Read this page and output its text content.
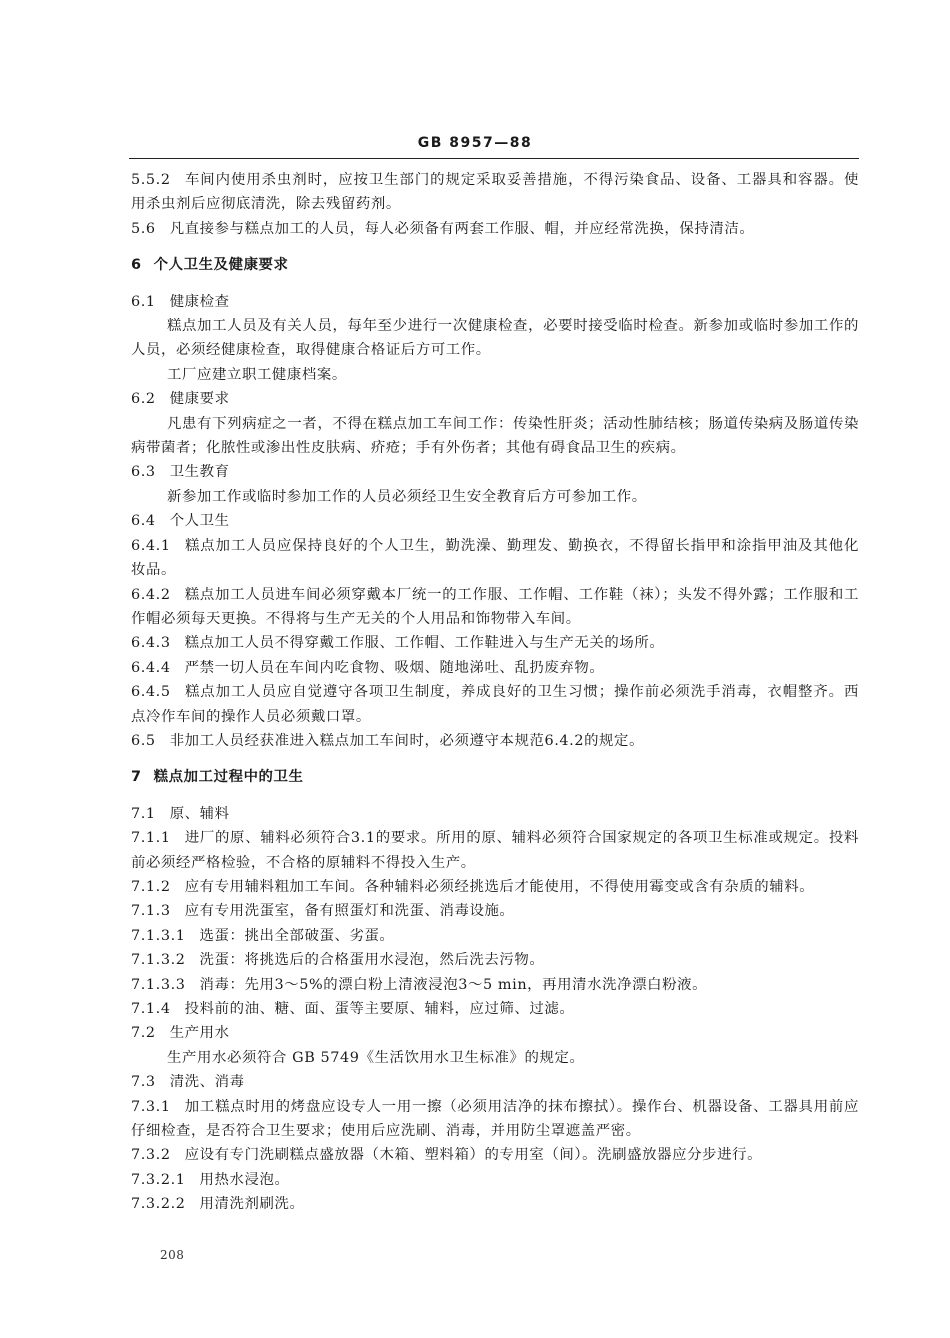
GB 8957—88

5.5.2 车间内使用杀虫剂时，应按卫生部门的规定采取妥善措施，不得污染食品、设备、工器具和容器。使用杀虫剂后应彻底清洗，除去残留药剂。

5.6 凡直接参与糕点加工的人员，每人必须备有两套工作服、帽，并应经常洗换，保持清洁。

6 个人卫生及健康要求

6.1 健康检查

糕点加工人员及有关人员，每年至少进行一次健康检查，必要时接受临时检查。新参加或临时参加工作的人员，必须经健康检查，取得健康合格证后方可工作。

工厂应建立职工健康档案。

6.2 健康要求

凡患有下列病症之一者，不得在糕点加工车间工作：传染性肝炎；活动性肺结核；肠道传染病及肠道传染病带菌者；化脓性或渗出性皮肤病、疥疮；手有外伤者；其他有碍食品卫生的疾病。

6.3 卫生教育

新参加工作或临时参加工作的人员必须经卫生安全教育后方可参加工作。

6.4 个人卫生

6.4.1 糕点加工人员应保持良好的个人卫生，勤洗澡、勤理发、勤换衣，不得留长指甲和涂指甲油及其他化妆品。

6.4.2 糕点加工人员进车间必须穿戴本厂统一的工作服、工作帽、工作鞋（袜）；头发不得外露；工作服和工作帽必须每天更换。不得将与生产无关的个人用品和饰物带入车间。

6.4.3 糕点加工人员不得穿戴工作服、工作帽、工作鞋进入与生产无关的场所。

6.4.4 严禁一切人员在车间内吃食物、吸烟、随地涕吐、乱扔废弃物。

6.4.5 糕点加工人员应自觉遵守各项卫生制度，养成良好的卫生习惯；操作前必须洗手消毒，衣帽整齐。西点冷作车间的操作人员必须戴口罩。

6.5 非加工人员经获准进入糕点加工车间时，必须遵守本规范6.4.2的规定。

7 糕点加工过程中的卫生

7.1 原、辅料

7.1.1 进厂的原、辅料必须符合3.1的要求。所用的原、辅料必须符合国家规定的各项卫生标准或规定。投料前必须经严格检验，不合格的原辅料不得投入生产。

7.1.2 应有专用辅料粗加工车间。各种辅料必须经挑选后才能使用，不得使用霉变或含有杂质的辅料。

7.1.3 应有专用洗蛋室，备有照蛋灯和洗蛋、消毒设施。

7.1.3.1 选蛋：挑出全部破蛋、劣蛋。

7.1.3.2 洗蛋：将挑选后的合格蛋用水浸泡，然后洗去污物。

7.1.3.3 消毒：先用3～5%的漂白粉上清液浸泡3～5 min，再用清水洗净漂白粉液。

7.1.4 投料前的油、糖、面、蛋等主要原、辅料，应过筛、过滤。

7.2 生产用水

生产用水必须符合 GB 5749《生活饮用水卫生标准》的规定。

7.3 清洗、消毒

7.3.1 加工糕点时用的烤盘应设专人一用一擦（必须用洁净的抹布擦拭）。操作台、机器设备、工器具用前应仔细检查，是否符合卫生要求；使用后应洗刷、消毒，并用防尘罩遮盖严密。

7.3.2 应设有专门洗刷糕点盛放器（木箱、塑料箱）的专用室（间）。洗刷盛放器应分步进行。

7.3.2.1 用热水浸泡。

7.3.2.2 用清洗剂刷洗。

208
